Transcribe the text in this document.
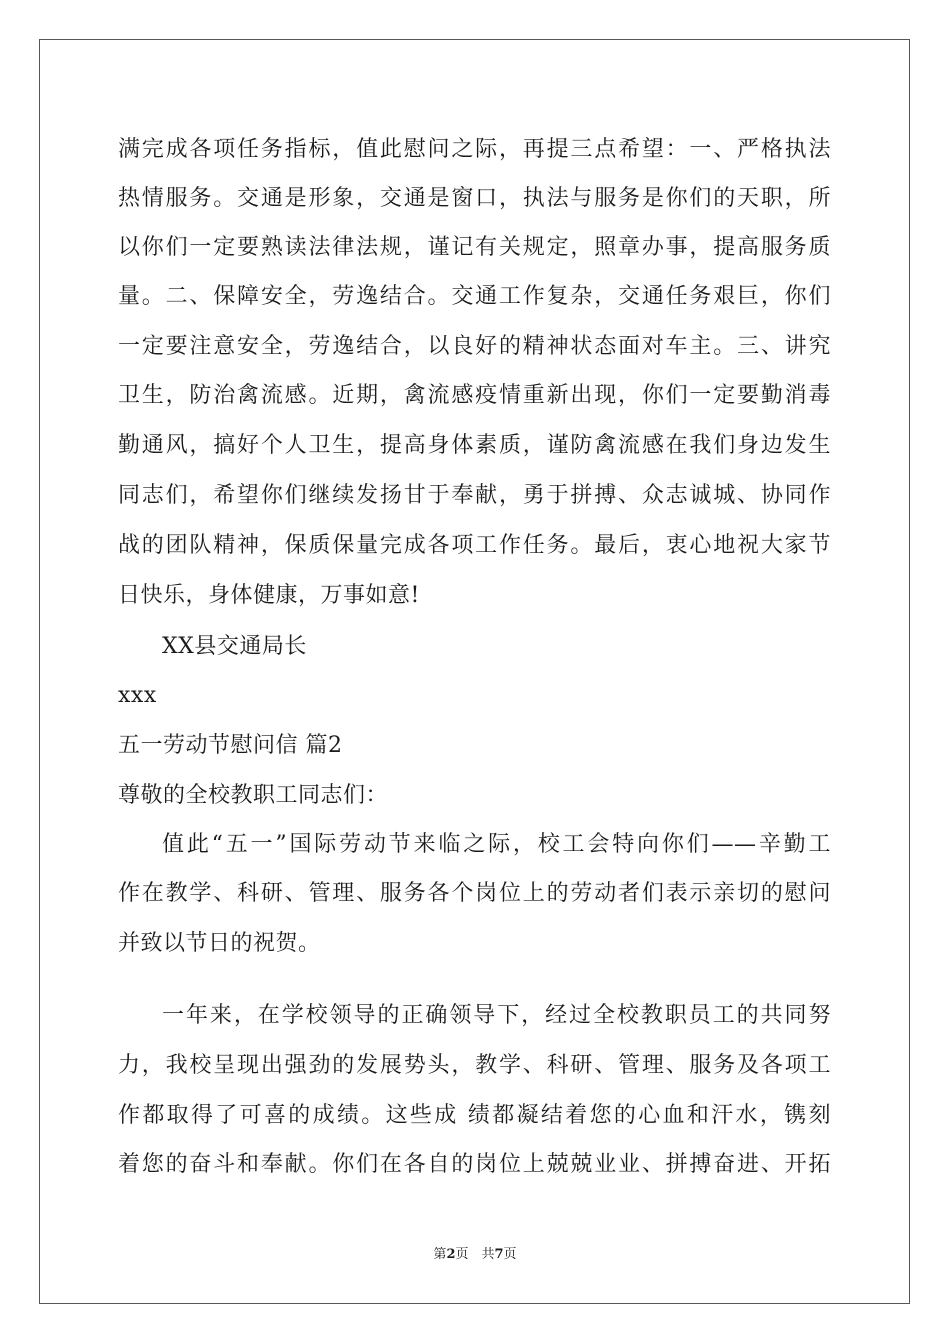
满完成各项任务指标，值此慰问之际，再提三点希望：一、严格执法
热情服务。交通是形象，交通是窗口，执法与服务是你们的天职，所
以你们一定要熟读法律法规，谨记有关规定，照章办事，提高服务质
量。二、保障安全，劳逸结合。交通工作复杂，交通任务艰巨，你们
一定要注意安全，劳逸结合，以良好的精神状态面对车主。三、讲究
卫生，防治禽流感。近期，禽流感疫情重新出现，你们一定要勤消毒
勤通风，搞好个人卫生，提高身体素质，谨防禽流感在我们身边发生
同志们，希望你们继续发扬甘于奉献，勇于拼搏、众志诚城、协同作
战的团队精神，保质保量完成各项工作任务。最后，衷心地祝大家节
日快乐，身体健康，万事如意!
XX县交通局长
xxx
五一劳动节慰问信 篇2
尊敬的全校教职工同志们：
值此“五一”国际劳动节来临之际，校工会特向你们——辛勤工
作在教学、科研、管理、服务各个岗位上的劳动者们表示亲切的慰问
并致以节日的祝贺。
一年来，在学校领导的正确领导下，经过全校教职员工的共同努
力，我校呈现出强劲的发展势头，教学、科研、管理、服务及各项工
作都取得了可喜的成绩。这些成 绩都凝结着您的心血和汗水，镌刻
着您的奋斗和奉献。你们在各自的岗位上兢兢业业、拼搏奋进、开拓
第2页　共7页
